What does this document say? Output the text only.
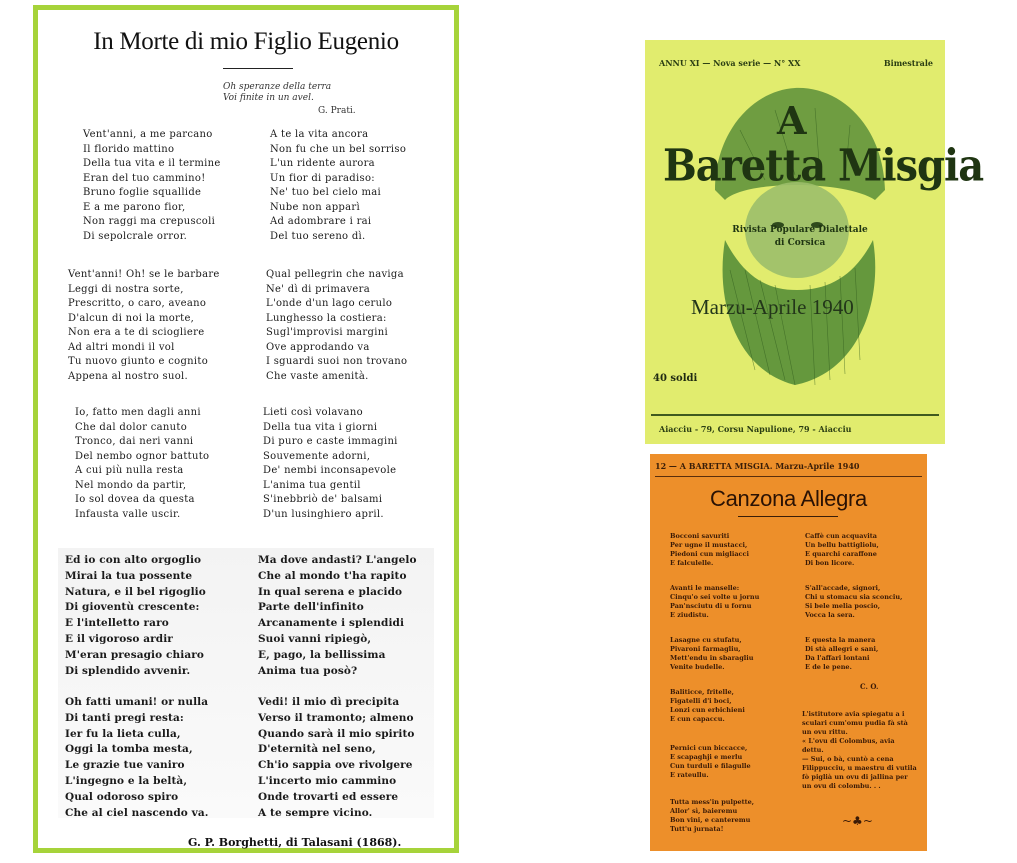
In Morte di mio Figlio Eugenio
Oh speranze della terra
Voi finite in un avel.
G. Prati.
Vent'anni, a me parcano
Il florido mattino
Della tua vita e il termine
Eran del tuo cammino!
Bruno foglie squallide
E a me parono fior,
Non raggi ma crepuscoli
Di sepolcrale orror.
A te la vita ancora
Non fu che un bel sorriso
L'un ridente aurora
Un fior di paradiso:
Ne' tuo bel cielo mai
Nube non apparì
Ad adombrare i rai
Del tuo sereno dì.
Vent'anni! Oh! se le barbare
Leggi di nostra sorte,
Prescritto, o caro, aveano
D'alcun di noi la morte,
Non era a te di sciogliere
Ad altri mondi il vol
Tu nuovo giunto e cognito
Appena al nostro suol.
Qual pellegrin che naviga
Ne' dì di primavera
L'onde d'un lago cerulo
Lunghesso la costiera:
Sugl'improvisi margini
Ove approdando va
I sguardi suoi non trovano
Che vaste amenità.
Io, fatto men dagli anni
Che dal dolor canuto
Tronco, dai neri vanni
Del nembo ognor battuto
A cui più nulla resta
Nel mondo da partir,
Io sol dovea da questa
Infausta valle uscir.
Lieti così volavano
Della tua vita i giorni
Di puro e caste immagini
Souvemente adorni,
De' nembi inconsapevole
L'anima tua gentil
S'inebbriò de' balsami
D'un lusinghiero april.
Ed io con alto orgoglio
Mirai la tua possente
Natura, e il bel rigoglio
Di gioventù crescente:
E l'intelletto raro
E il vigoroso ardir
M'eran presagio chiaro
Di splendido avvenir.
Ma dove andasti? L'angelo
Che al mondo t'ha rapito
In qual serena e placido
Parte dell'infinito
Arcanamente i splendidi
Suoi vanni ripiegò,
E, pago, la bellissima
Anima tua posò?
Oh fatti umani! or nulla
Di tanti pregi resta:
Ier fu la lieta culla,
Oggi la tomba mesta,
Le grazie tue vaniro
L'ingegno e la beltà,
Qual odoroso spiro
Che al ciel nascendo va.
Vedi! il mio dì precipita
Verso il tramonto; almeno
Quando sarà il mio spirito
D'eternità nel seno,
Ch'io sappia ove rivolgere
L'incerto mio cammino
Onde trovarti ed essere
A te sempre vicino.
G. P. Borghetti, di Talasani (1868).
ANNU XI — Nova serie — N° XX	Bimestrale
A
Baretta Misgia
Rivista Populare Dialettale
di Corsica
Marzu-Aprile 1940
40 soldi
Aiacciu - 79, Corsu Napulione, 79 - Aiacciu
12 — A BARETTA MISGIA. Marzu-Aprile 1940
Canzona Allegra
Bocconi savuriti
Per ugne il mustacci,
Piedoni cun migliacci
E falculelle.
Avanti le manselle:
Cinqu'o sei volte u jornu
Pan'nsciutu di u fornu
E ziudistu.
Lasagne cu stufatu,
Pivaroni farmagliu,
Mett'endu in sbaragliu
Venite budelle.
Baliticce, fritelle,
Figatelli d'i boci,
Lonzi cun erbichieni
E cun capaccu.
Pernici cun biccacce,
E scapaghji e merlu
Cun turduli e filagulle
E rateullu.
Tutta mess'in pulpette,
Allor' sì, baieremu
Bon vini, e canteremu
Tutt'u jurnata!
Caffè cun acquavita
Un bellu battigliolu,
E quarchi caraffone
Di bon licore.
S'all'accade, signori,
Chi u stomacu sia sconciu,
Si bele melia poscio,
Vocca la sera.
E questa la manera
Di stà allegri e sani,
Da l'affari lontani
E de le pene.
C. O.
L'istitutore avia spiegatu a i sculari cum'omu pudia fà stà un ovu rittu.
« L'ovu di Colombus, avia dettu.
— Sui, o bà, cuntò a cena Filippucciu, u maestru di vutila fò piglià un ovu di jallina per un ovu di colombu. . .
~♣~
